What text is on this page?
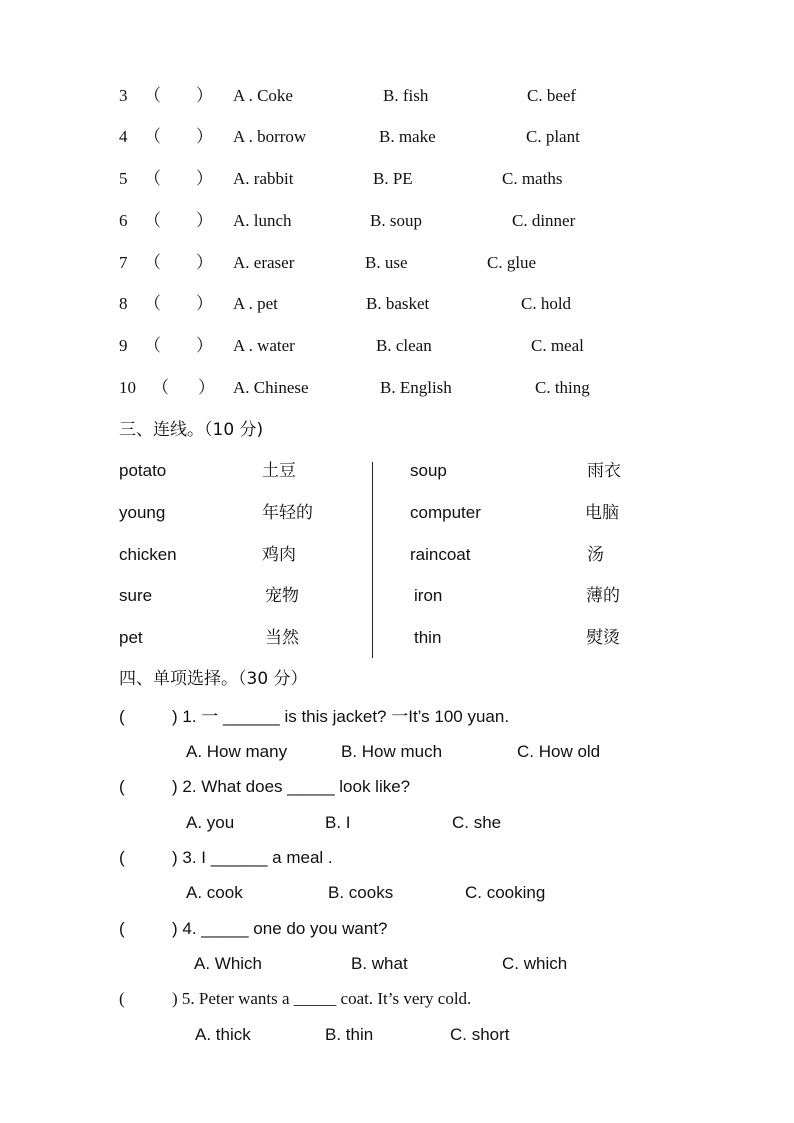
3 （ ） A . Coke	B. fish	C. beef
4 （ ） A . borrow	B. make	C. plant
5 （ ） A. rabbit	B. PE	C. maths
6 （ ） A. lunch	B. soup	C. dinner
7 （ ） A. eraser	B. use	C. glue
8 （ ） A . pet	B. basket	C. hold
9 （ ） A . water	B. clean	C. meal
10 （ ） A. Chinese	B. English	C. thing
三、连线。（10 分)
potato	土豆	soup	雨衣
young	年轻的	computer	电脑
chicken	鸡肉	raincoat	汤
sure	宠物	iron	薄的
pet	当然	thin	熨烫
四、单项选择。（30 分）
(	) 1. 一 ______ is this jacket? 一It’s 100 yuan.
A. How many	B. How much	C. How old
(	) 2. What does _____ look like?
A. you	B. I	C. she
(	) 3. I ______ a meal .
A. cook	B. cooks	C. cooking
(	) 4. _____ one do you want?
A. Which	B. what	C. which
(	) 5. Peter wants a _____ coat. It’s very cold.
A. thick	B. thin	C. short
